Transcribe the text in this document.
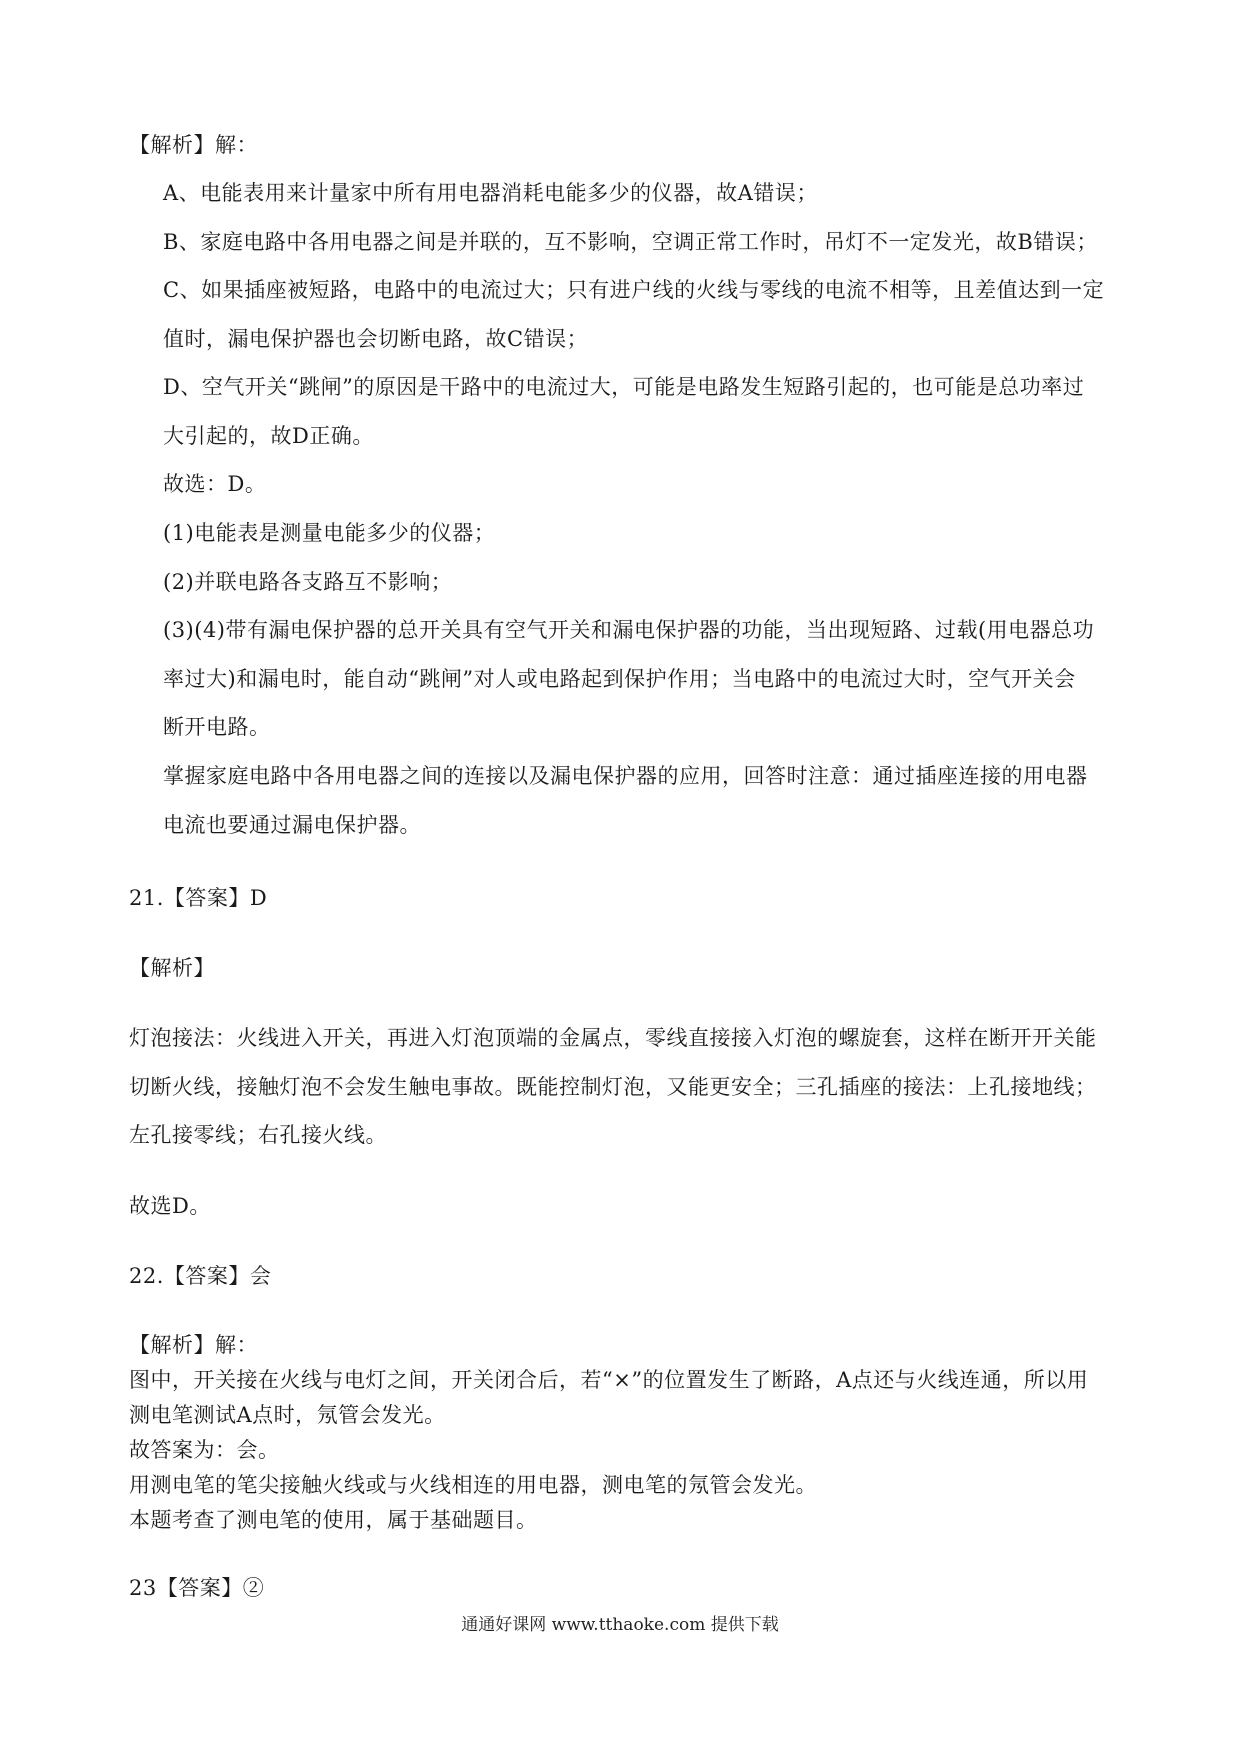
【解析】解：
A、电能表用来计量家中所有用电器消耗电能多少的仪器，故A错误；
B、家庭电路中各用电器之间是并联的，互不影响，空调正常工作时，吊灯不一定发光，故B错误；
C、如果插座被短路，电路中的电流过大；只有进户线的火线与零线的电流不相等，且差值达到一定
值时，漏电保护器也会切断电路，故C错误；
D、空气开关“跳闸”的原因是干路中的电流过大，可能是电路发生短路引起的，也可能是总功率过
大引起的，故D正确。
故选：D。
(1)电能表是测量电能多少的仪器；
(2)并联电路各支路互不影响；
(3)(4)带有漏电保护器的总开关具有空气开关和漏电保护器的功能，当出现短路、过载(用电器总功
率过大)和漏电时，能自动“跳闸”对人或电路起到保护作用；当电路中的电流过大时，空气开关会
断开电路。
掌握家庭电路中各用电器之间的连接以及漏电保护器的应用，回答时注意：通过插座连接的用电器
电流也要通过漏电保护器。
21.【答案】D
【解析】
灯泡接法：火线进入开关，再进入灯泡顶端的金属点，零线直接接入灯泡的螺旋套，这样在断开开关能
切断火线，接触灯泡不会发生触电事故。既能控制灯泡，又能更安全；三孔插座的接法：上孔接地线；
左孔接零线；右孔接火线。
故选D。
22.【答案】会
【解析】解：
图中，开关接在火线与电灯之间，开关闭合后，若“×”的位置发生了断路，A点还与火线连通，所以用
测电笔测试A点时，氖管会发光。
故答案为：会。
用测电笔的笔尖接触火线或与火线相连的用电器，测电笔的氖管会发光。
本题考查了测电笔的使用，属于基础题目。
23【答案】②
通通好课网 www.tthaoke.com 提供下载
